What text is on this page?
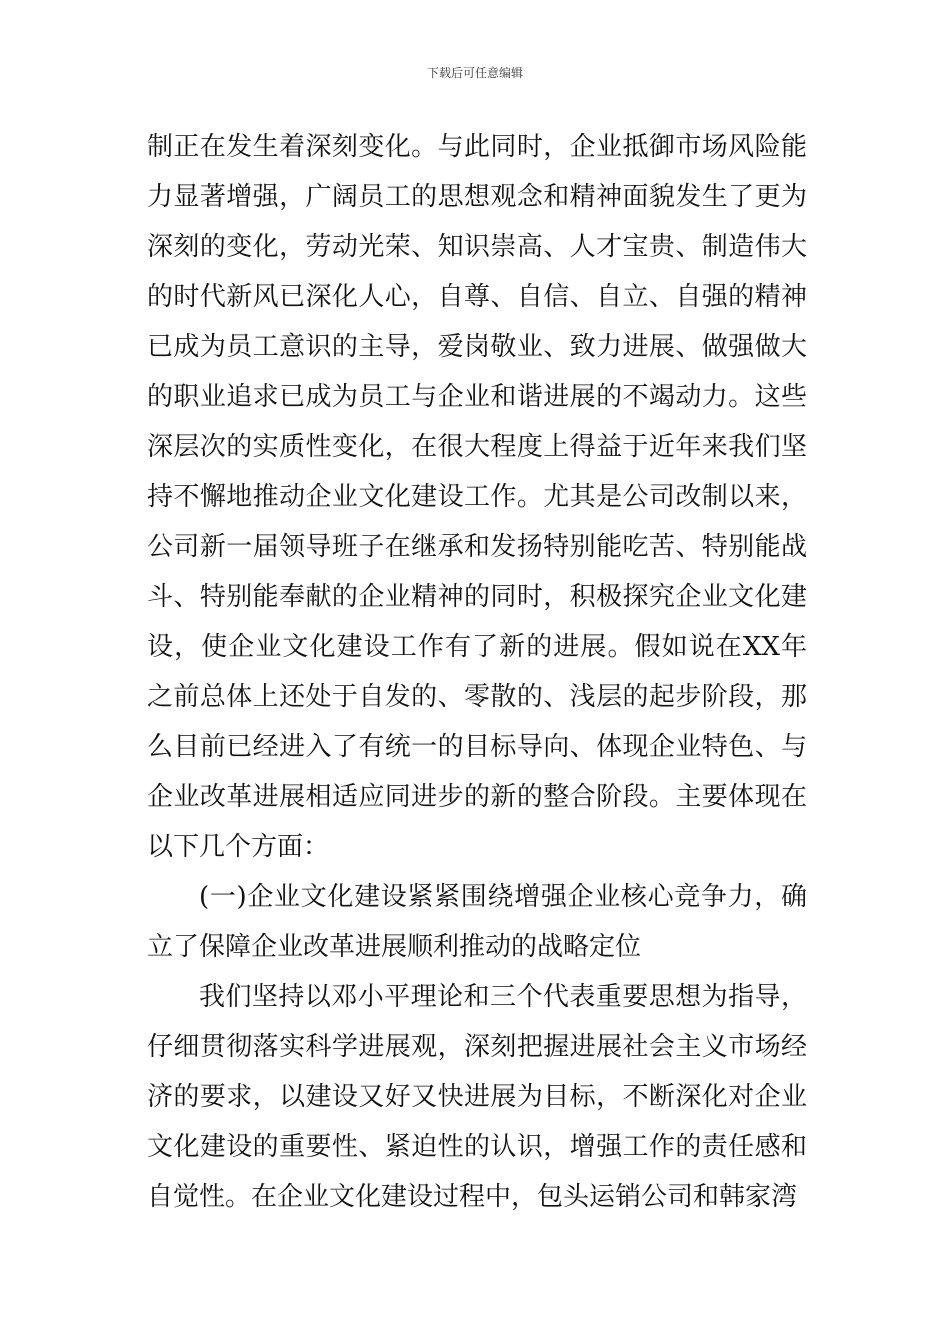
下载后可任意编辑

制正在发生着深刻变化。与此同时，企业抵御市场风险能力显著增强，广阔员工的思想观念和精神面貌发生了更为深刻的变化，劳动光荣、知识崇高、人才宝贵、制造伟大的时代新风已深化人心，自尊、自信、自立、自强的精神已成为员工意识的主导，爱岗敬业、致力进展、做强做大的职业追求已成为员工与企业和谐进展的不竭动力。这些深层次的实质性变化，在很大程度上得益于近年来我们坚持不懈地推动企业文化建设工作。尤其是公司改制以来，公司新一届领导班子在继承和发扬特别能吃苦、特别能战斗、特别能奉献的企业精神的同时，积极探究企业文化建设，使企业文化建设工作有了新的进展。假如说在XX年之前总体上还处于自发的、零散的、浅层的起步阶段，那么目前已经进入了有统一的目标导向、体现企业特色、与企业改革进展相适应同进步的新的整合阶段。主要体现在以下几个方面：

(一)企业文化建设紧紧围绕增强企业核心竞争力，确立了保障企业改革进展顺利推动的战略定位

我们坚持以邓小平理论和三个代表重要思想为指导，仔细贯彻落实科学进展观，深刻把握进展社会主义市场经济的要求，以建设又好又快进展为目标，不断深化对企业文化建设的重要性、紧迫性的认识，增强工作的责任感和自觉性。在企业文化建设过程中，包头运销公司和韩家湾
